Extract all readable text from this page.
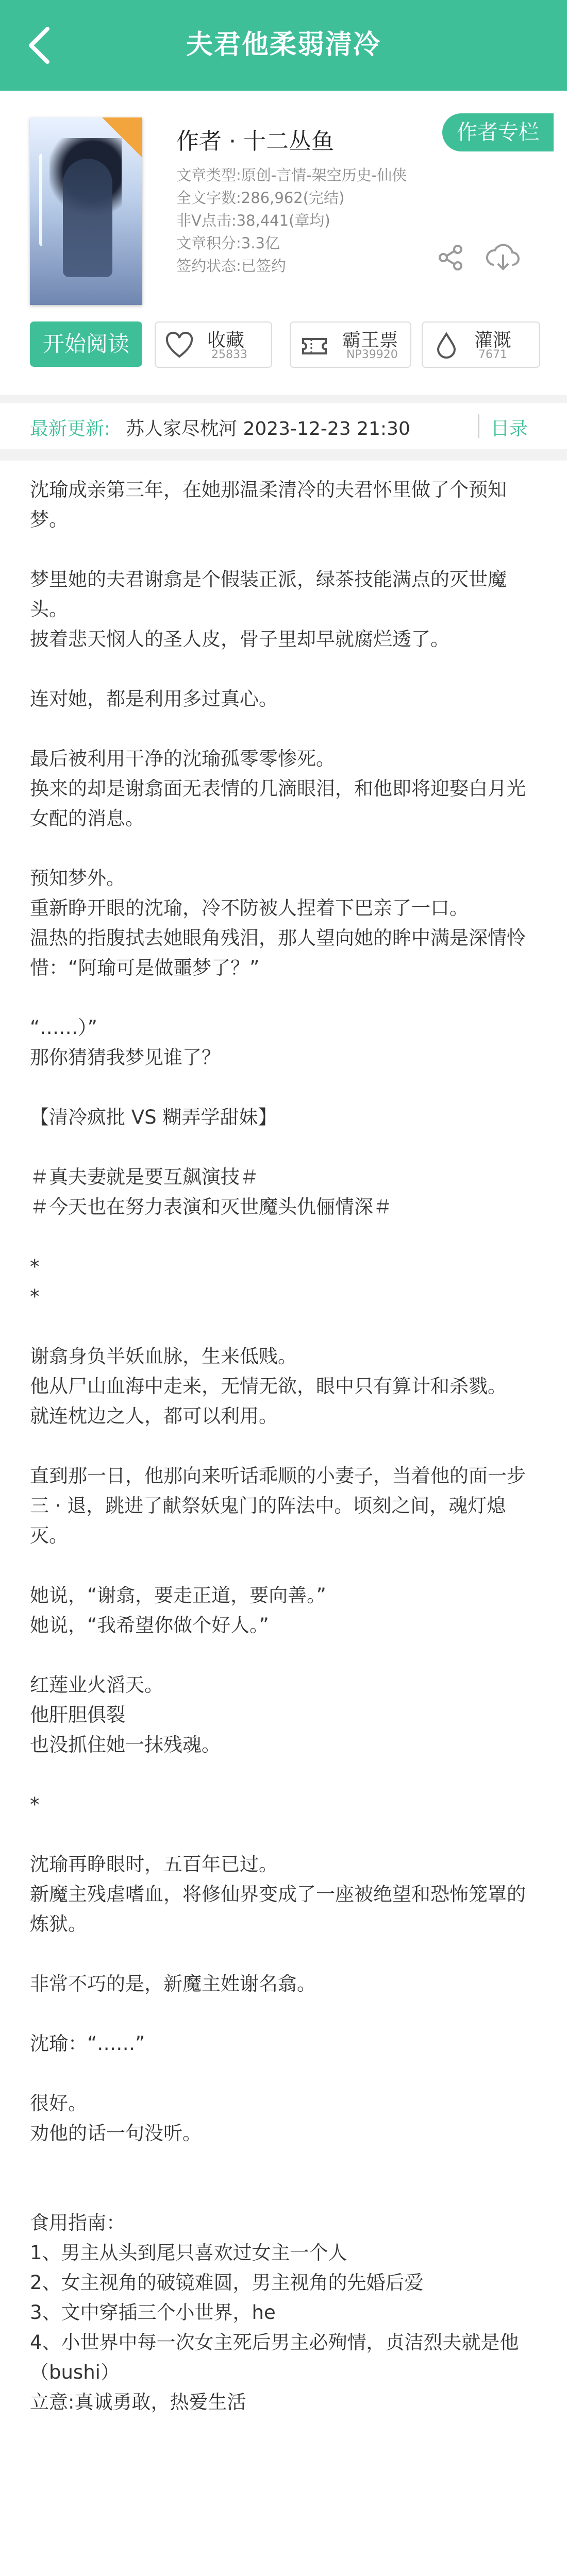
夫君他柔弱清冷
作者 · 十二丛鱼	作者专栏
文章类型:原创-言情-架空历史-仙侠
全文字数:286,962(完结)
非V点击:38,441(章均)
文章积分:3.3亿
签约状态:已签约
开始阅读	收藏
25833
霸王票
NP39920
灌溉
7671
最新更新: 苏人家尽枕河 2023-12-23 21:30	目录

沈瑜成亲第三年，在她那温柔清冷的夫君怀里做了个预知梦。

梦里她的夫君谢翕是个假装正派，绿茶技能满点的灭世魔头。

披着悲天悯人的圣人皮，骨子里却早就腐烂透了。

连对她，都是利用多过真心。

最后被利用干净的沈瑜孤零零惨死。

换来的却是谢翕面无表情的几滴眼泪，和他即将迎娶白月光女配的消息。

预知梦外。

重新睁开眼的沈瑜，冷不防被人捏着下巴亲了一口。

温热的指腹拭去她眼角残泪，那人望向她的眸中满是深情怜惜：“阿瑜可是做噩梦了？”

“……）”

那你猜猜我梦见谁了？

【清冷疯批 VS 糊弄学甜妹】

＃真夫妻就是要互飙演技＃

＃今天也在努力表演和灭世魔头仇俪情深＃

*

*

谢翕身负半妖血脉，生来低贱。

他从尸山血海中走来，无情无欲，眼中只有算计和杀戮。

就连枕边之人，都可以利用。

直到那一日，他那向来听话乖顺的小妻子，当着他的面一步三 · 退，跳进了献祭妖鬼门的阵法中。顷刻之间，魂灯熄灭。

她说，“谢翕，要走正道，要向善。”

她说，“我希望你做个好人。”

红莲业火滔天。

他肝胆俱裂

也没抓住她一抹残魂。

*

沈瑜再睁眼时，五百年已过。

新魔主残虐嗜血，将修仙界变成了一座被绝望和恐怖笼罩的炼狱。

非常不巧的是，新魔主姓谢名翕。

沈瑜：“……”

很好。

劝他的话一句没听。

食用指南：

1、男主从头到尾只喜欢过女主一个人

2、女主视角的破镜难圆，男主视角的先婚后爱

3、文中穿插三个小世界，he

4、小世界中每一次女主死后男主必殉情，贞洁烈夫就是他（bushi）

立意:真诚勇敢，热爱生活
